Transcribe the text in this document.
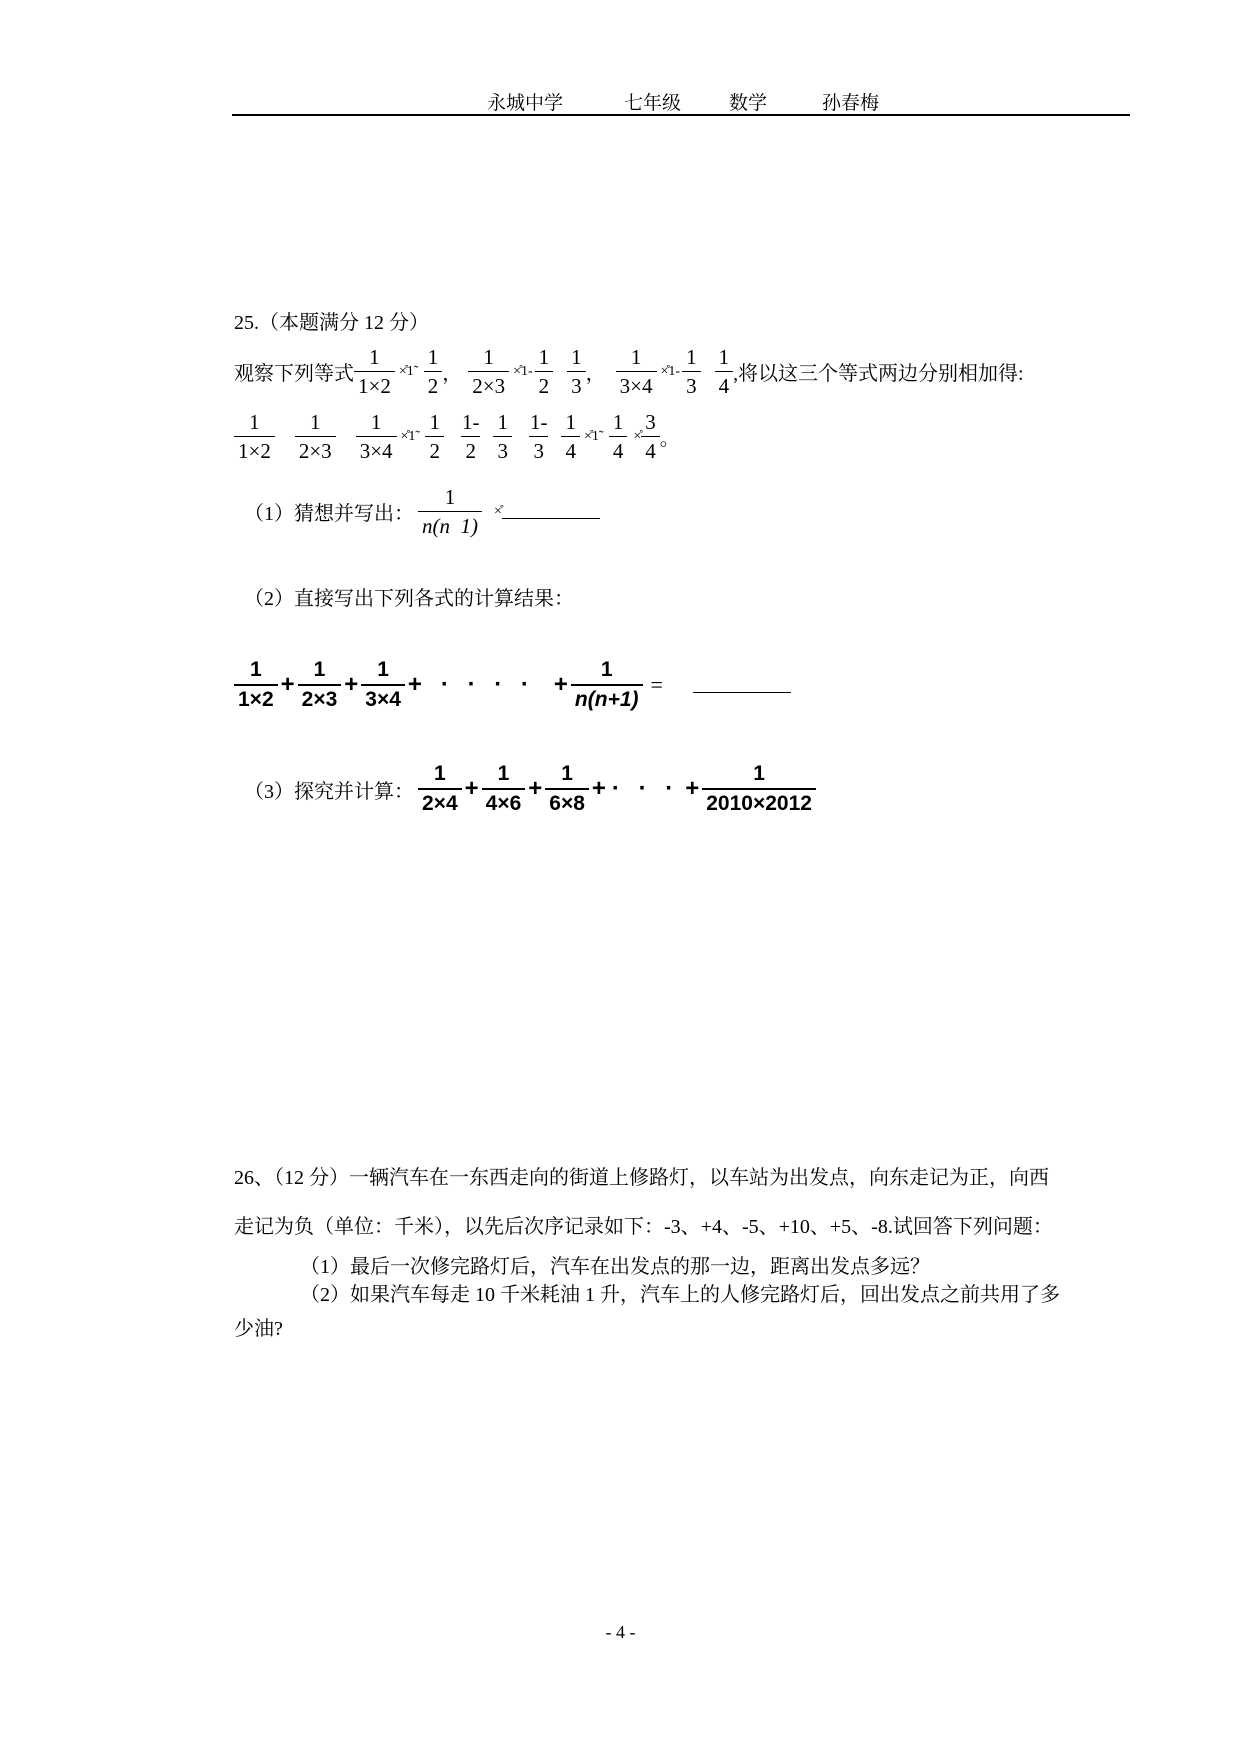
永城中学	七年级	数学	孙春梅
25.（本题满分 12 分）
观察下列等式 $\frac{1}{1\times 2}$ ×̊1̃ $\frac{1}{2}$ ， $\frac{1}{2\times 3}$ ×̊1- $\frac{1}{2} \frac{1}{3}$ ， $\frac{1}{3\times 4}$ ×̊1- $\frac{1}{3} \frac{1}{4}$ ,将以这三个等式两边分别相加得:
$\frac{1}{1\times 2} \frac{1}{2\times 3} \frac{1}{3\times 4}$ ×̊1̃ $\frac{1}{2} \frac{1-}{2} \frac{1}{3} \frac{1-}{3} \frac{1}{4}$ ×̊1̃ $\frac{1}{4}$ ×̊ $\frac{3}{4}$ 。
（1）猜想并写出： $\frac{1}{n(n 1)}$ ×̊
（2）直接写出下列各式的计算结果：
$\frac{1}{1\times 2} + \frac{1}{2\times 3} + \frac{1}{3\times 4}$ + · · · · + $\frac{1}{n(n+1)}$ =
（3）探究并计算： $\frac{1}{2\times 4} + \frac{1}{4\times 6} + \frac{1}{6\times 8}$ + · · · + $\frac{1}{2010\times 2012}$
26、（12 分）一辆汽车在一东西走向的街道上修路灯，以车站为出发点，向东走记为正，向西
走记为负（单位：千米），以先后次序记录如下：-3、+4、-5、+10、+5、-8.试回答下列问题：
（1）最后一次修完路灯后，汽车在出发点的那一边，距离出发点多远？
（2）如果汽车每走 10 千米耗油 1 升，汽车上的人修完路灯后，回出发点之前共用了多
少油?
- 4 -
